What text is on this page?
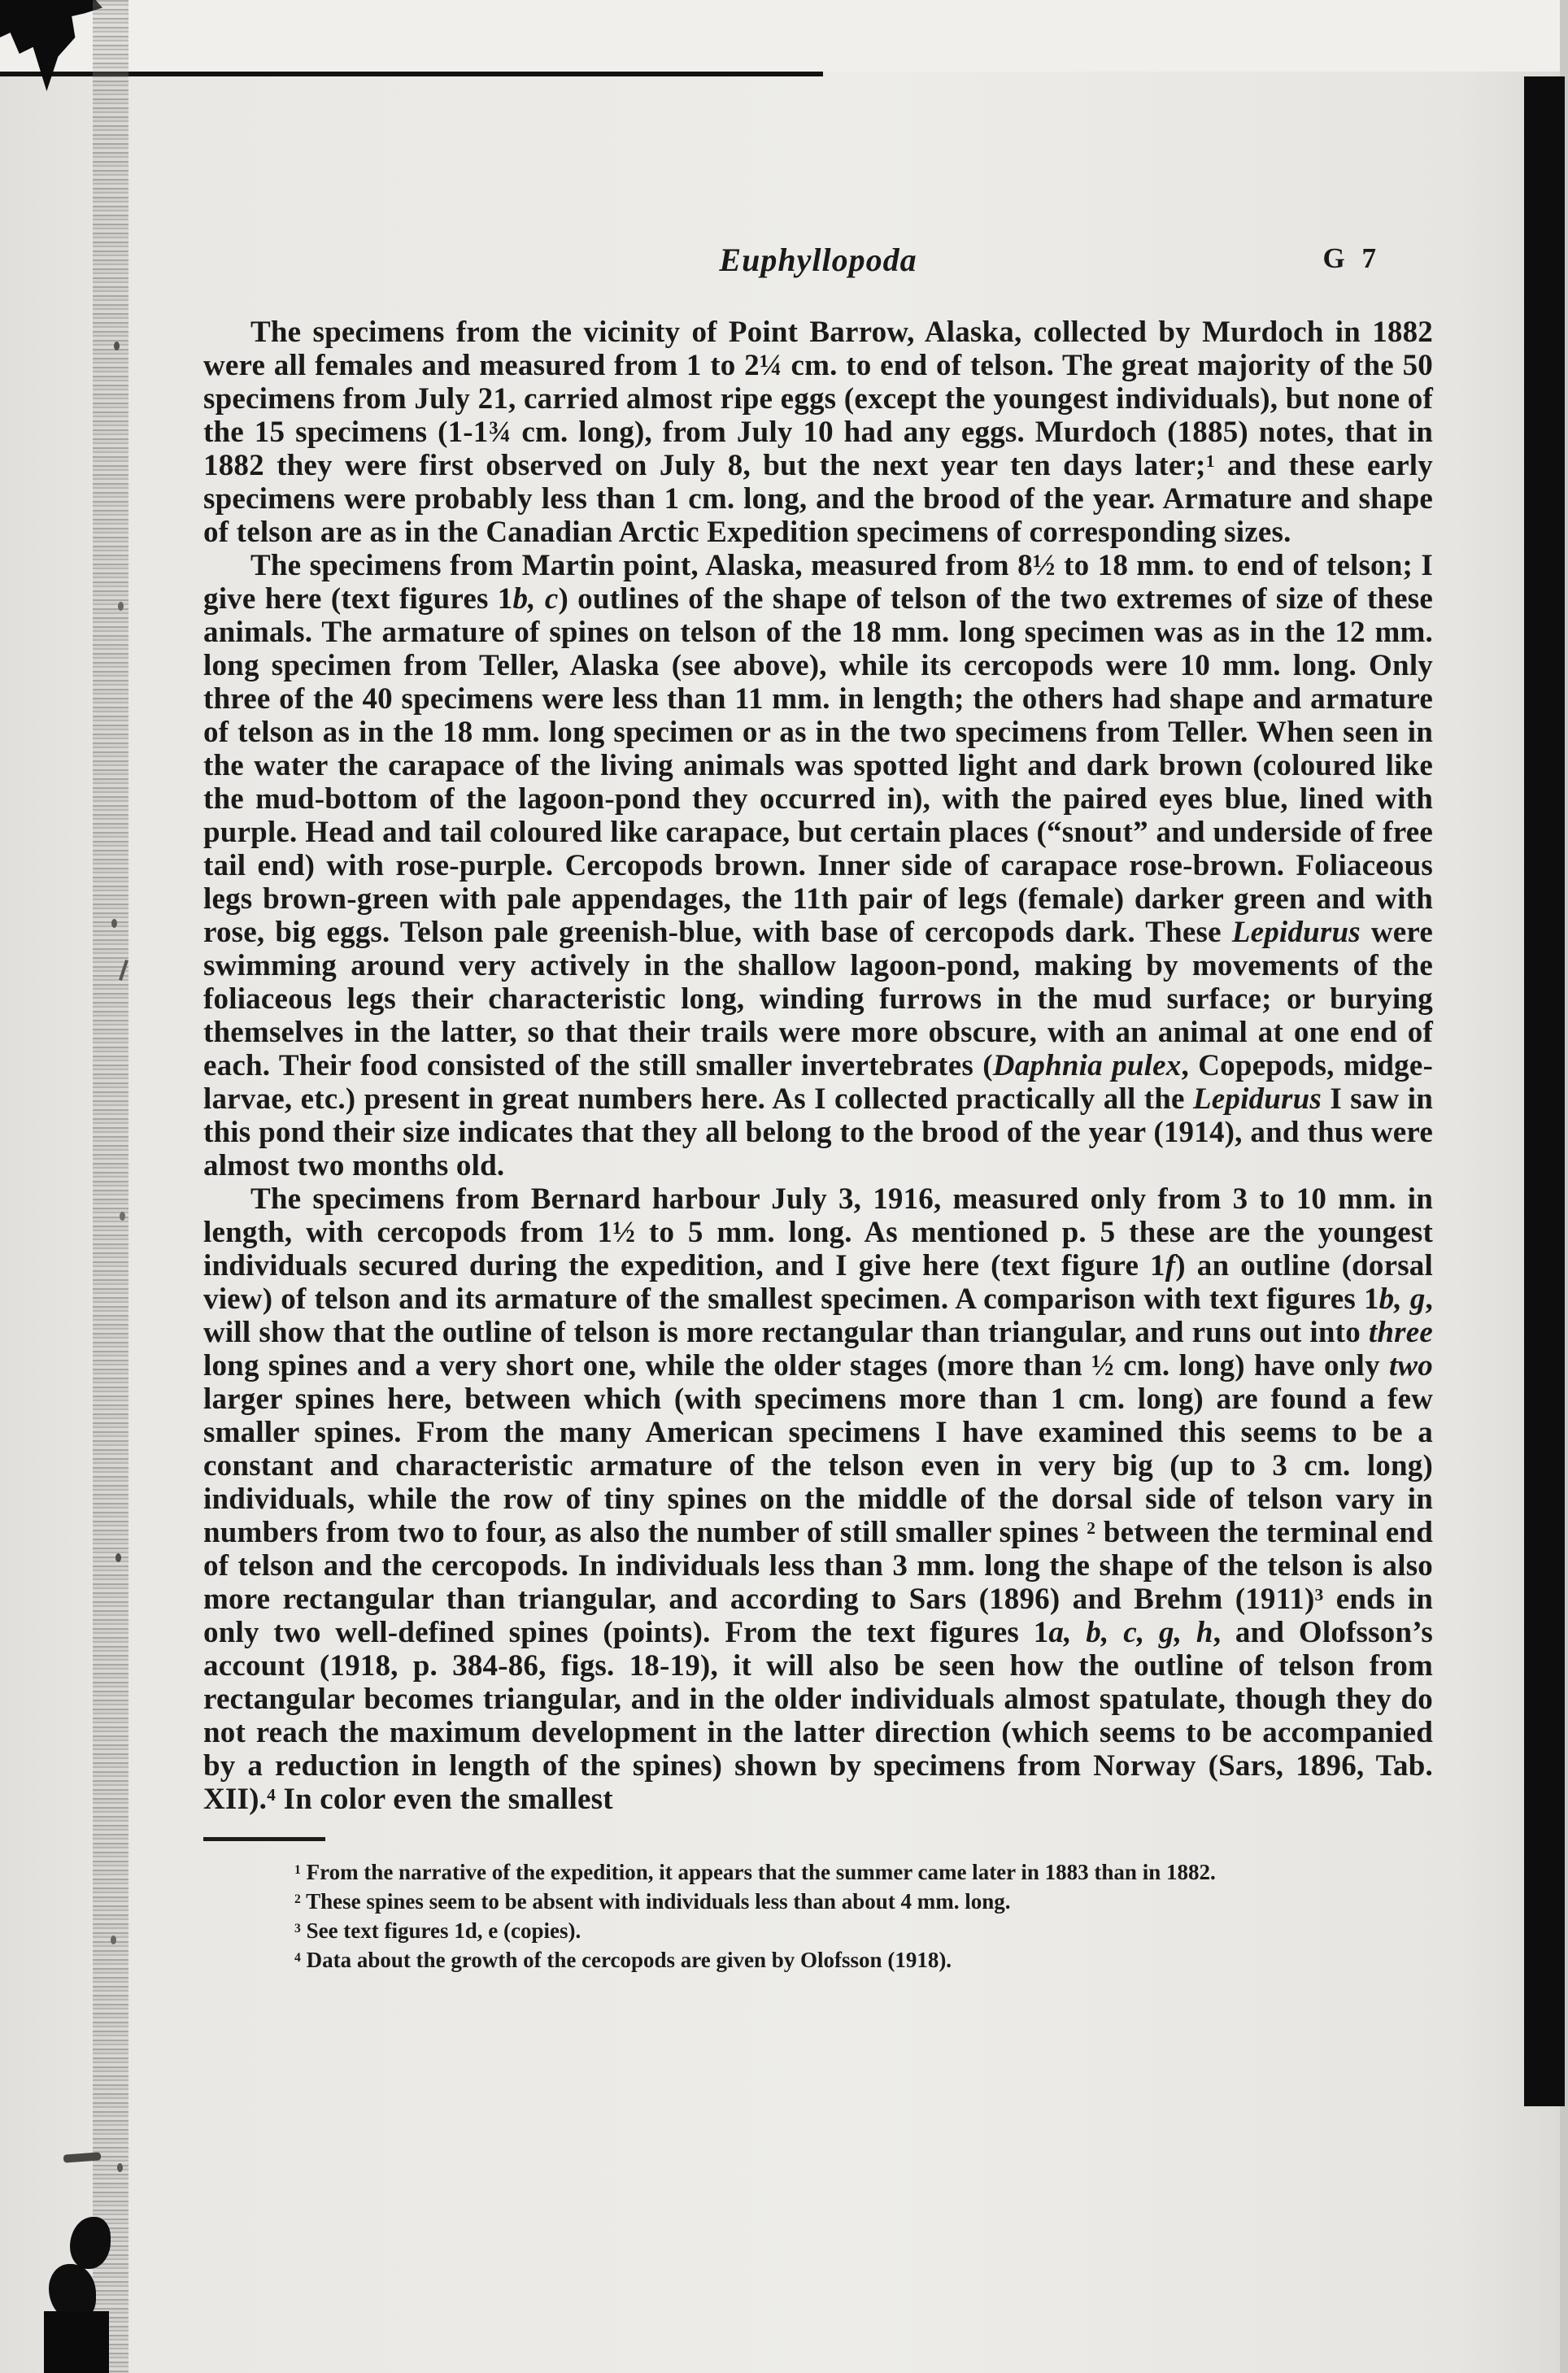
Euphyllopoda	G 7

The specimens from the vicinity of Point Barrow, Alaska, collected by Murdoch in 1882 were all females and measured from 1 to 2¼ cm. to end of telson. The great majority of the 50 specimens from July 21, carried almost ripe eggs (except the youngest individuals), but none of the 15 specimens (1-1¾ cm. long), from July 10 had any eggs. Murdoch (1885) notes, that in 1882 they were first observed on July 8, but the next year ten days later;$^1$ and these early specimens were probably less than 1 cm. long, and the brood of the year. Armature and shape of telson are as in the Canadian Arctic Expedition specimens of corresponding sizes.

The specimens from Martin point, Alaska, measured from 8½ to 18 mm. to end of telson; I give here (text figures 1b, c) outlines of the shape of telson of the two extremes of size of these animals. The armature of spines on telson of the 18 mm. long specimen was as in the 12 mm. long specimen from Teller, Alaska (see above), while its cercopods were 10 mm. long. Only three of the 40 specimens were less than 11 mm. in length; the others had shape and armature of telson as in the 18 mm. long specimen or as in the two specimens from Teller. When seen in the water the carapace of the living animals was spotted light and dark brown (coloured like the mud-bottom of the lagoon-pond they occurred in), with the paired eyes blue, lined with purple. Head and tail coloured like carapace, but certain places (“snout” and underside of free tail end) with rose-purple. Cercopods brown. Inner side of carapace rose-brown. Foliaceous legs brown-green with pale appendages, the 11th pair of legs (female) darker green and with rose, big eggs. Telson pale greenish-blue, with base of cercopods dark. These Lepidurus were swimming around very actively in the shallow lagoon-pond, making by movements of the foliaceous legs their characteristic long, winding furrows in the mud surface; or burying themselves in the latter, so that their trails were more obscure, with an animal at one end of each. Their food consisted of the still smaller invertebrates (Daphnia pulex, Copepods, midge-larvae, etc.) present in great numbers here. As I collected practically all the Lepidurus I saw in this pond their size indicates that they all belong to the brood of the year (1914), and thus were almost two months old.

The specimens from Bernard harbour July 3, 1916, measured only from 3 to 10 mm. in length, with cercopods from 1½ to 5 mm. long. As mentioned p. 5 these are the youngest individuals secured during the expedition, and I give here (text figure 1f) an outline (dorsal view) of telson and its armature of the smallest specimen. A comparison with text figures 1b, g, will show that the outline of telson is more rectangular than triangular, and runs out into three long spines and a very short one, while the older stages (more than ½ cm. long) have only two larger spines here, between which (with specimens more than 1 cm. long) are found a few smaller spines. From the many American specimens I have examined this seems to be a constant and characteristic armature of the telson even in very big (up to 3 cm. long) individuals, while the row of tiny spines on the middle of the dorsal side of telson vary in numbers from two to four, as also the number of still smaller spines $^2$ between the terminal end of telson and the cercopods. In individuals less than 3 mm. long the shape of the telson is also more rectangular than triangular, and according to Sars (1896) and Brehm $(1911)^3$ ends in only two well-defined spines (points). From the text figures 1a, b, c, g, h, and Olofsson’s account (1918, p. 384-86, figs. 18-19), it will also be seen how the outline of telson from rectangular becomes triangular, and in the older individuals almost spatulate, though they do not reach the maximum development in the latter direction (which seems to be accompanied by a reduction in length of the spines) shown by specimens from Norway (Sars, 1896, Tab. XII).$^4$ In color even the smallest

$^1$ From the narrative of the expedition, it appears that the summer came later in 1883 than in 1882.

$^2$ These spines seem to be absent with individuals less than about 4 mm. long.

$^3$ See text figures 1d, e (copies).

$^4$ Data about the growth of the cercopods are given by Olofsson (1918).
